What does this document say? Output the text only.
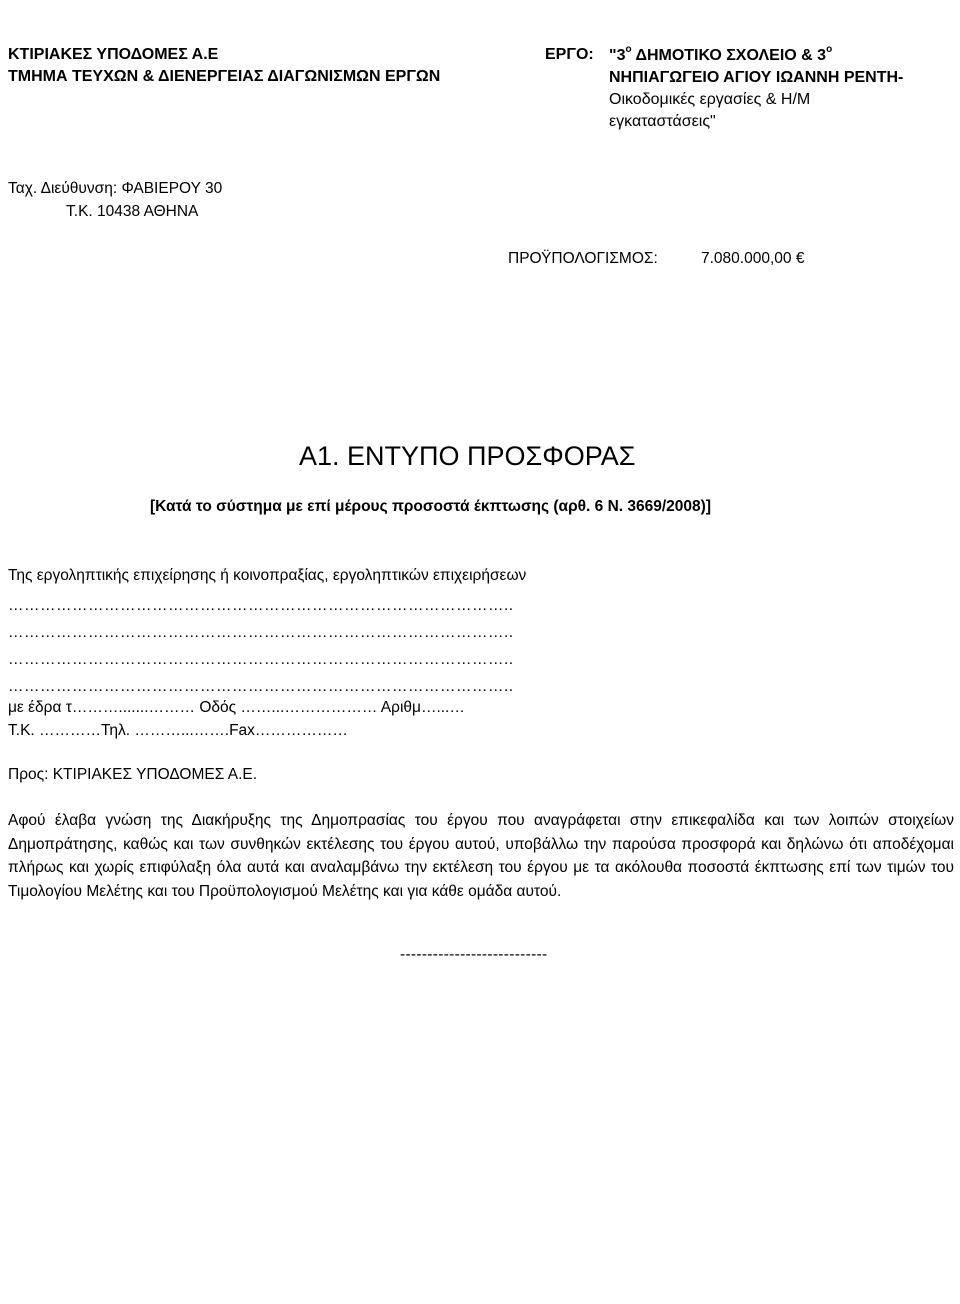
ΚΤΙΡΙΑΚΕΣ ΥΠΟΔΟΜΕΣ Α.Ε
ΤΜΗΜΑ ΤΕΥΧΩΝ & ΔΙΕΝΕΡΓΕΙΑΣ ΔΙΑΓΩΝΙΣΜΩΝ ΕΡΓΩΝ
ΕΡΓΟ: "$3^o$ ΔΗΜΟΤΙΚΟ ΣΧΟΛΕΙΟ & $3^o$
ΝΗΠΙΑΓΩΓΕΙΟ ΑΓΙΟΥ ΙΩΑΝΝΗ ΡΕΝΤΗ-
Οικοδομικές εργασίες & Η/Μ
εγκαταστάσεις"
Ταχ. Διεύθυνση: ΦΑΒΙΕΡΟΥ 30
Τ.Κ. 10438 ΑΘΗΝΑ
ΠΡΟΫΠΟΛΟΓΙΣΜΟΣ:	7.080.000,00 €
Α1. ΕΝΤΥΠΟ ΠΡΟΣΦΟΡΑΣ
[Κατά το σύστημα με επί μέρους προσοστά έκπτωσης (αρθ. 6 Ν. 3669/2008)]
Της εργοληπτικής επιχείρησης ή κοινοπραξίας, εργοληπτικών επιχειρήσεων
…………………………………………………………………………………..
…………………………………………………………………………………..
…………………………………………………………………………………..
…………………………………………………………………………………..
με έδρα τ……….......……… Οδός ……...……………… Αριθμ…...…
Τ.Κ. …………Τηλ. ………...…….Fax………………
Προς: ΚΤΙΡΙΑΚΕΣ ΥΠΟΔΟΜΕΣ Α.Ε.
Αφού έλαβα γνώση της Διακήρυξης της Δημοπρασίας του έργου που αναγράφεται στην επικεφαλίδα και των λοιπών στοιχείων Δημοπράτησης, καθώς και των συνθηκών εκτέλεσης του έργου αυτού, υποβάλλω την παρούσα προσφορά και δηλώνω ότι αποδέχομαι πλήρως και χωρίς επιφύλαξη όλα αυτά και αναλαμβάνω την εκτέλεση του έργου με τα ακόλουθα ποσοστά έκπτωσης επί των τιμών του Τιμολογίου Μελέτης και του Προϋπολογισμού Μελέτης και για κάθε ομάδα αυτού.
---------------------------
